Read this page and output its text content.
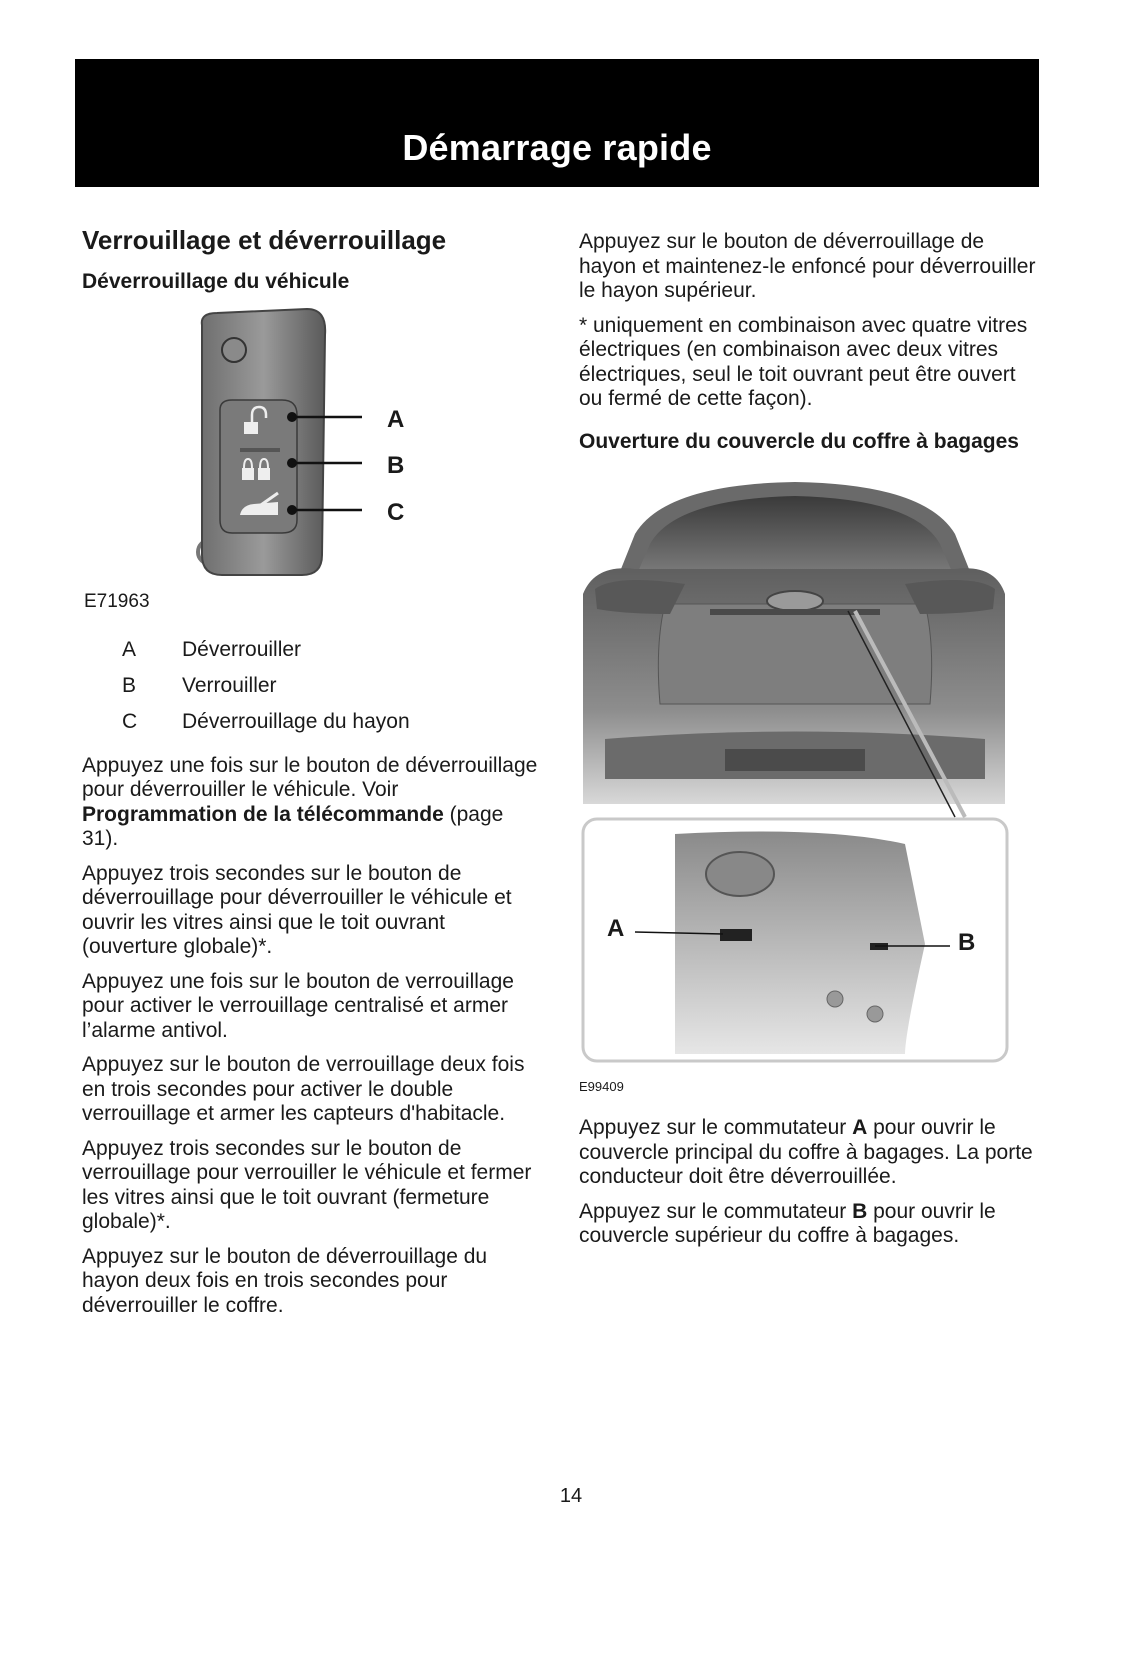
Démarrage rapide
Verrouillage et déverrouillage
Déverrouillage du véhicule
A
B
C
E71963
A	Déverrouiller
B	Verrouiller
C	Déverrouillage du hayon

Appuyez une fois sur le bouton de déverrouillage pour déverrouiller le véhicule. Voir Programmation de la télécommande (page 31).

Appuyez trois secondes sur le bouton de déverrouillage pour déverrouiller le véhicule et ouvrir les vitres ainsi que le toit ouvrant (ouverture globale)*.

Appuyez une fois sur le bouton de verrouillage pour activer le verrouillage centralisé et armer l’alarme antivol.

Appuyez sur le bouton de verrouillage deux fois en trois secondes pour activer le double verrouillage et armer les capteurs d'habitacle.

Appuyez trois secondes sur le bouton de verrouillage pour verrouiller le véhicule et fermer les vitres ainsi que le toit ouvrant (fermeture globale)*.

Appuyez sur le bouton de déverrouillage du hayon deux fois en trois secondes pour déverrouiller le coffre.

Appuyez sur le bouton de déverrouillage de hayon et maintenez-le enfoncé pour déverrouiller le hayon supérieur.

* uniquement en combinaison avec quatre vitres électriques (en combinaison avec deux vitres électriques, seul le toit ouvrant peut être ouvert ou fermé de cette façon).

Ouverture du couvercle du coffre à bagages
A
B
E99409

Appuyez sur le commutateur A pour ouvrir le couvercle principal du coffre à bagages. La porte conducteur doit être déverrouillée.

Appuyez sur le commutateur B pour ouvrir le couvercle supérieur du coffre à bagages.

14
